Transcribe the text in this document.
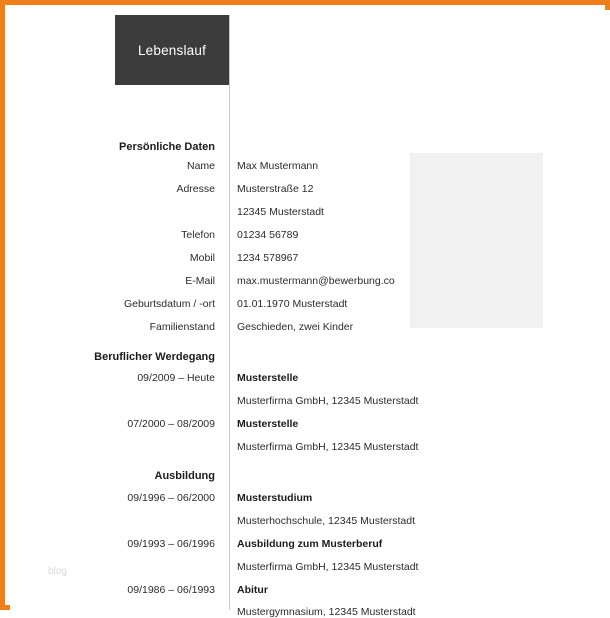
Lebenslauf
Persönliche Daten
Name Max Mustermann
Adresse Musterstraße 12
12345 Musterstadt
Telefon 01234 56789
Mobil 1234 578967
E-Mail max.mustermann@bewerbung.co
Geburtsdatum / -ort 01.01.1970 Musterstadt
Familienstand Geschieden, zwei Kinder
Beruflicher Werdegang
09/2009 – Heute Musterstelle
Musterfirma GmbH, 12345 Musterstadt
07/2000 – 08/2009 Musterstelle
Musterfirma GmbH, 12345 Musterstadt
Ausbildung
09/1996 – 06/2000 Musterstudium
Musterhochschule, 12345 Musterstadt
09/1993 – 06/1996 Ausbildung zum Musterberuf
Musterfirma GmbH, 12345 Musterstadt
09/1986 – 06/1993 Abitur
Mustergymnasium, 12345 Musterstadt
blog
